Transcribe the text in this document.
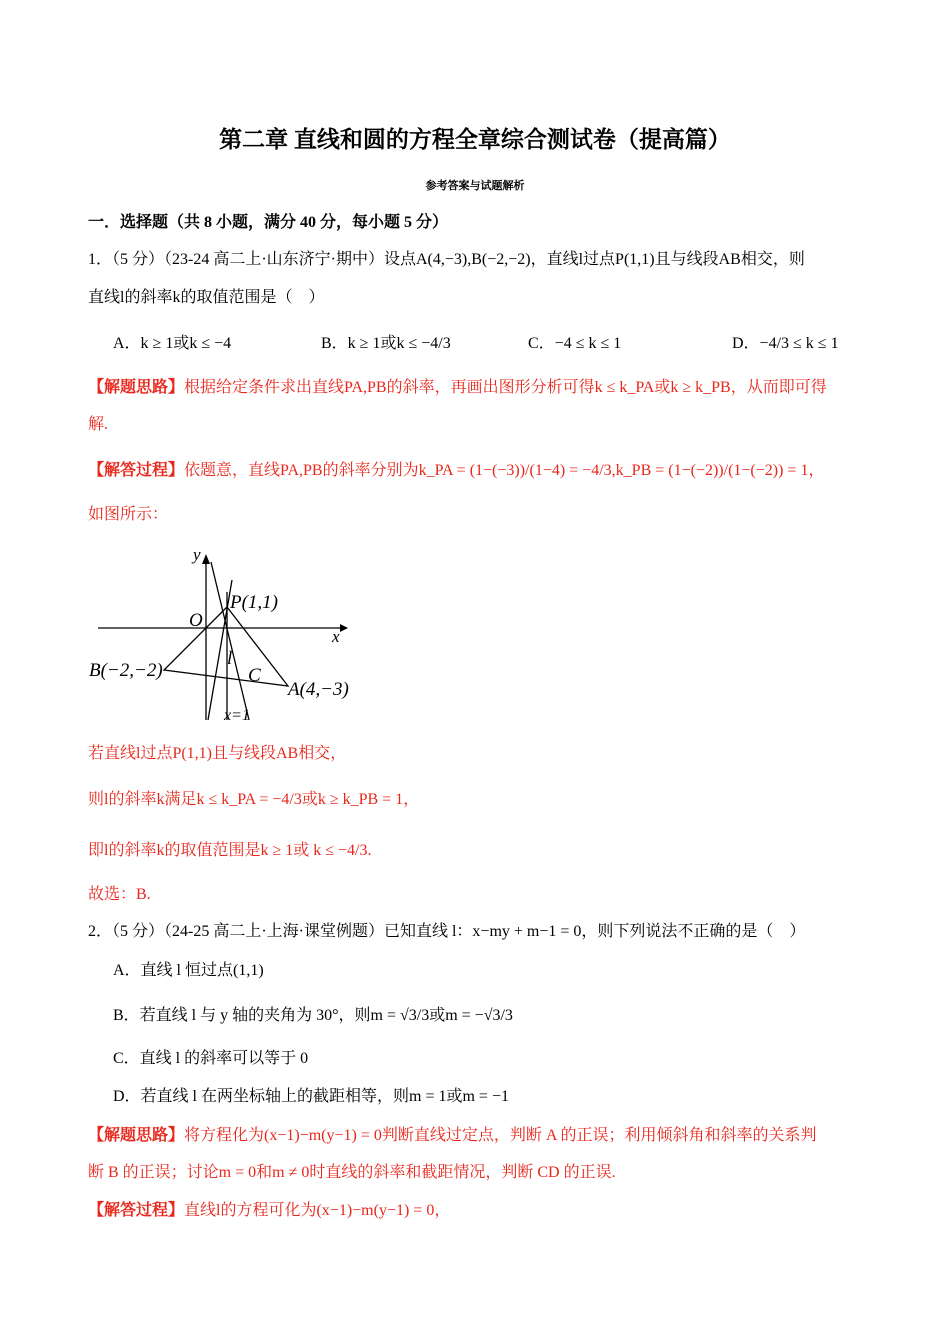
第二章 直线和圆的方程全章综合测试卷（提高篇）
参考答案与试题解析
一．选择题（共 8 小题，满分 40 分，每小题 5 分）
1．（5 分）（23-24 高二上·山东济宁·期中）设点A(4,−3),B(−2,−2)，直线l过点P(1,1)且与线段AB相交，则
直线l的斜率k的取值范围是（　）
A．k ≥ 1或k ≤ −4	B．k ≥ 1或k ≤ −4/3	C．−4 ≤ k ≤ 1	D．−4/3 ≤ k ≤ 1
【解题思路】根据给定条件求出直线PA,PB的斜率，再画出图形分析可得k ≤ k_PA或k ≥ k_PB，从而即可得
解.
【解答过程】依题意，直线PA,PB的斜率分别为k_PA = (1−(−3))/(1−4) = −4/3,k_PB = (1−(−2))/(1−(−2)) = 1，
如图所示：
y
x
O
P(1,1)
B(−2,−2)
A(4,−3)
C
l
x=1
若直线l过点P(1,1)且与线段AB相交，
则l的斜率k满足k ≤ k_PA = −4/3或k ≥ k_PB = 1，
即l的斜率k的取值范围是k ≥ 1或 k ≤ −4/3.
故选：B.
2．（5 分）（24-25 高二上·上海·课堂例题）已知直线 l：x−my + m−1 = 0，则下列说法不正确的是（　）
A．直线 l 恒过点(1,1)
B．若直线 l 与 y 轴的夹角为 30°，则m = √3/3或m = −√3/3
C．直线 l 的斜率可以等于 0
D．若直线 l 在两坐标轴上的截距相等，则m = 1或m = −1
【解题思路】将方程化为(x−1)−m(y−1) = 0判断直线过定点，判断 A 的正误；利用倾斜角和斜率的关系判
断 B 的正误；讨论m = 0和m ≠ 0时直线的斜率和截距情况，判断 CD 的正误.
【解答过程】直线l的方程可化为(x−1)−m(y−1) = 0，
